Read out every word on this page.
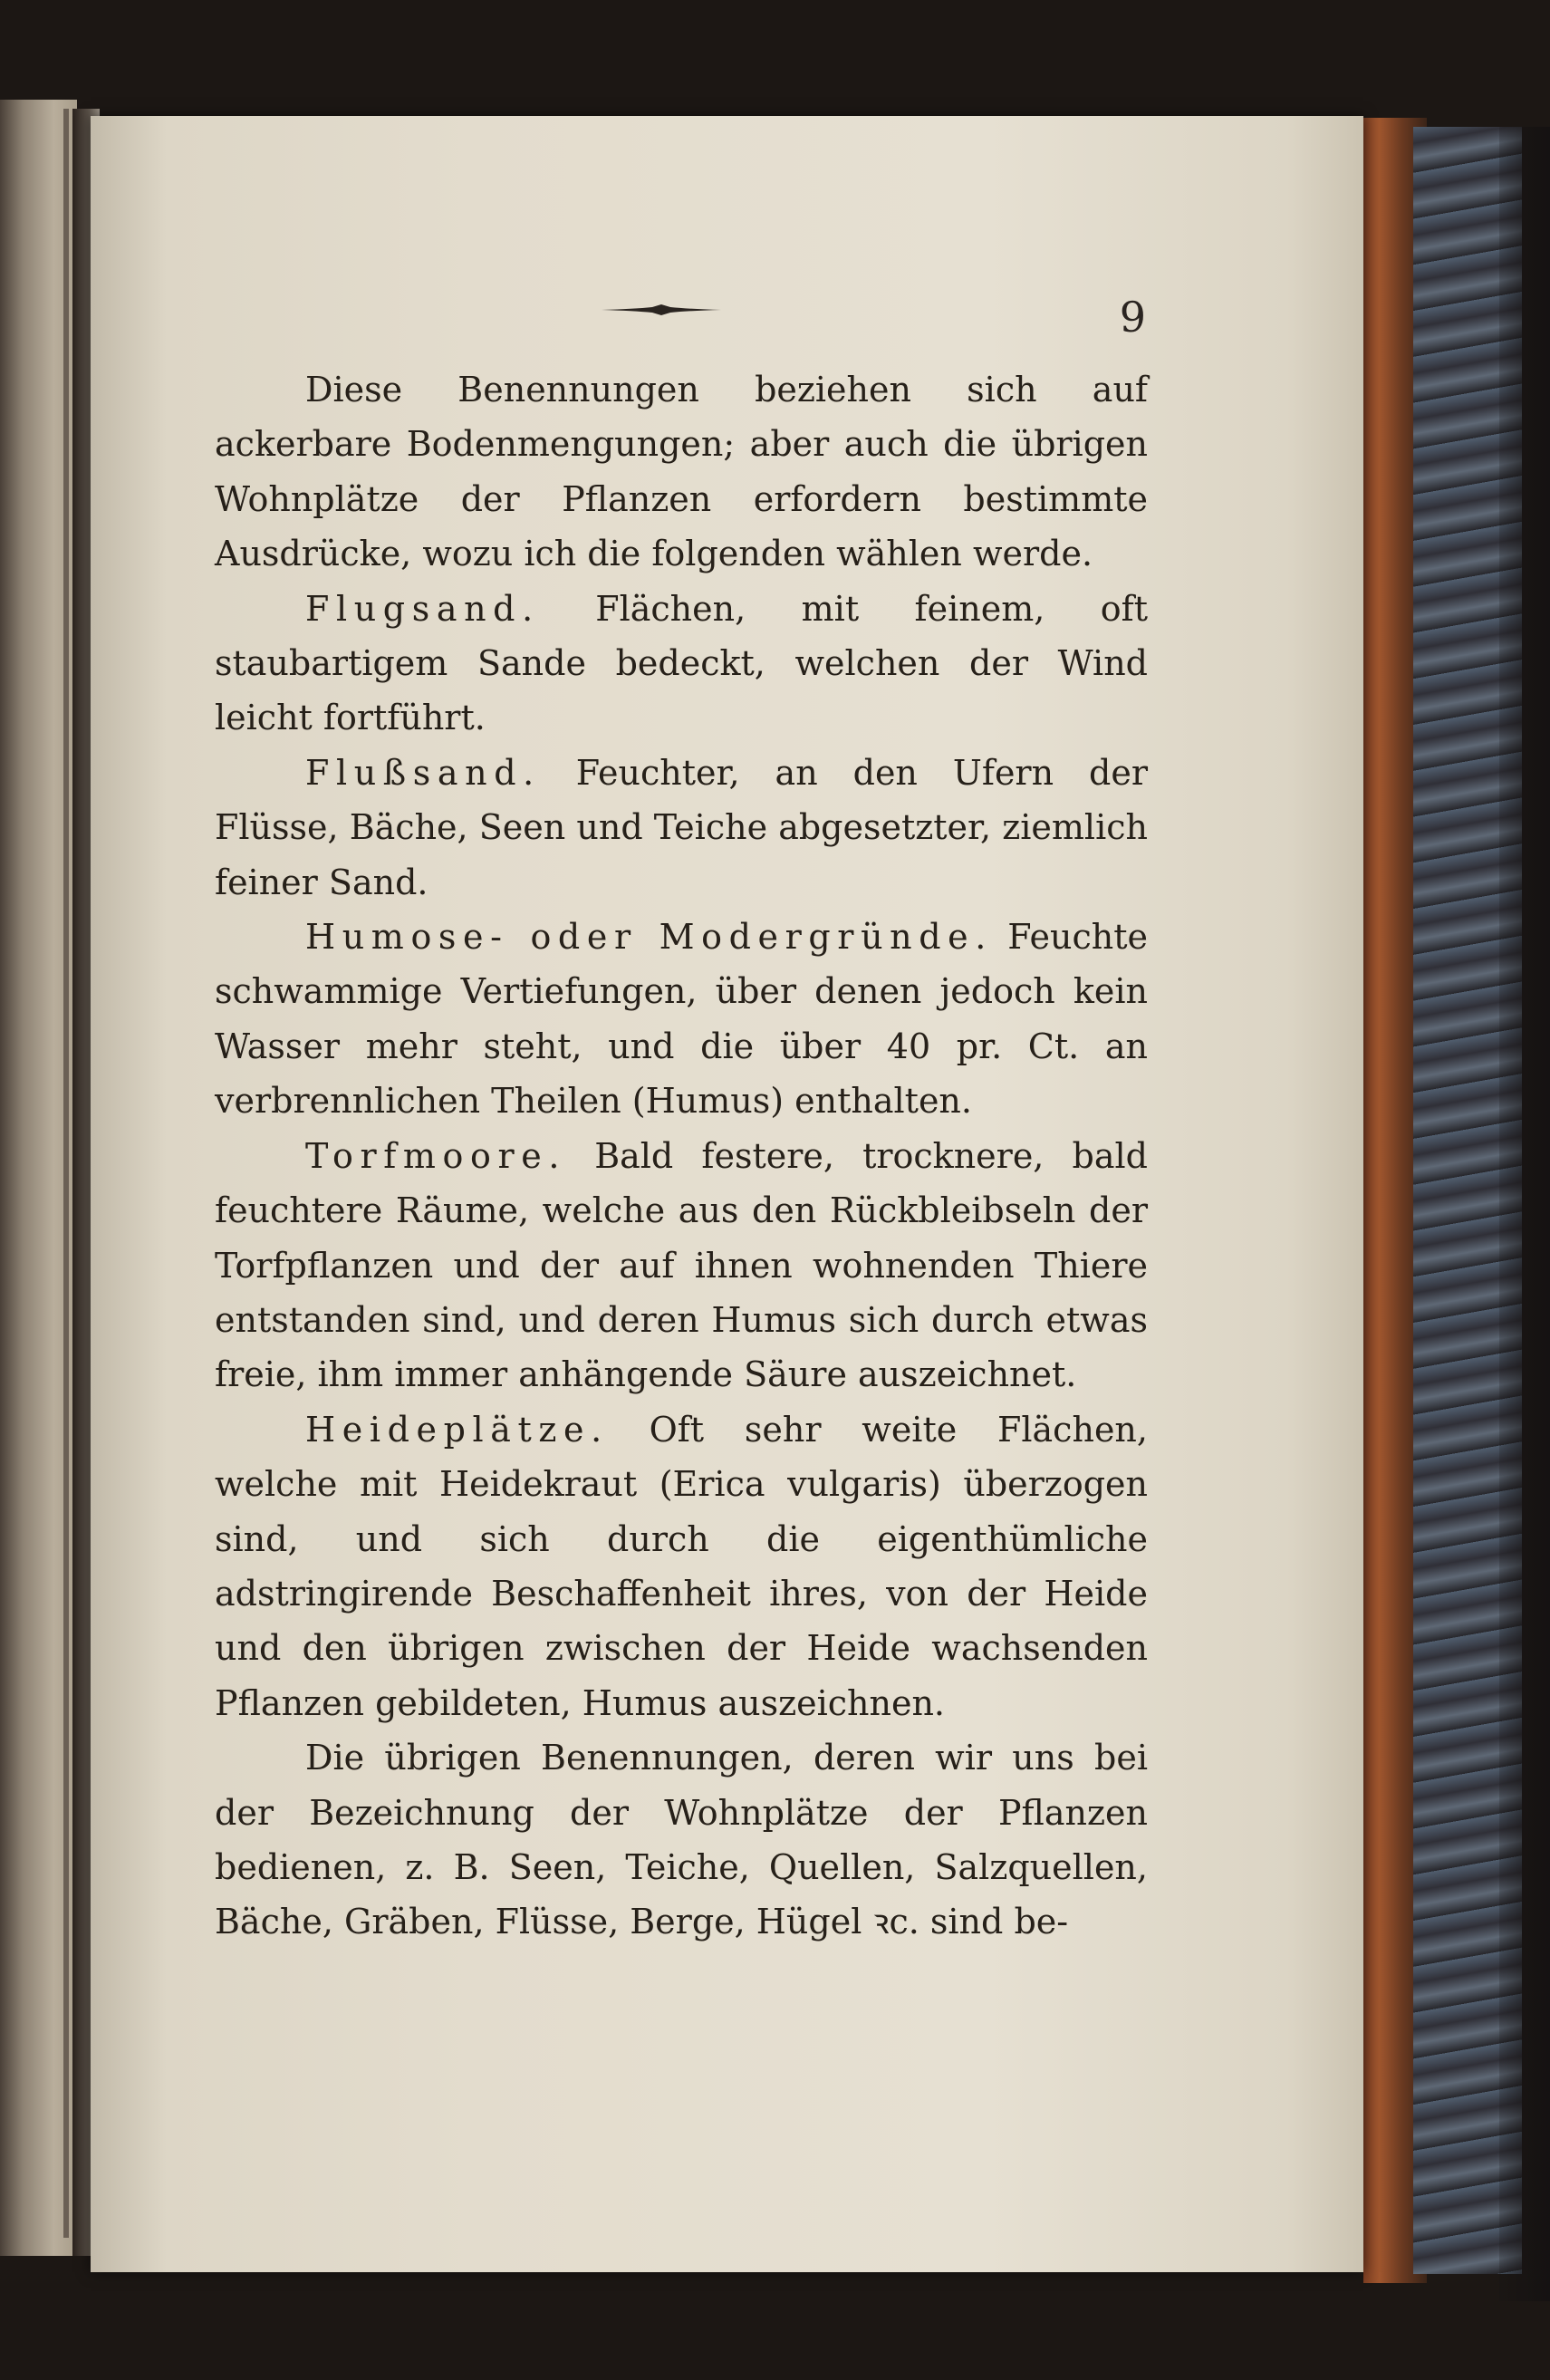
9

Diese Benennungen beziehen sich auf ackerbare Bodenmengungen; aber auch die übrigen Wohnplätze der Pflanzen erfordern bestimmte Ausdrücke, wozu ich die folgenden wählen werde.

Flugsand. Flächen, mit feinem, oft staubartigem Sande bedeckt, welchen der Wind leicht fortführt.

Flußsand. Feuchter, an den Ufern der Flüsse, Bäche, Seen und Teiche abgesetzter, ziemlich feiner Sand.

Humose- oder Modergründe. Feuchte schwammige Vertiefungen, über denen jedoch kein Wasser mehr steht, und die über 40 pr. Ct. an verbrennlichen Theilen (Humus) enthalten.

Torfmoore. Bald festere, trocknere, bald feuchtere Räume, welche aus den Rückbleibseln der Torfpflanzen und der auf ihnen wohnenden Thiere entstanden sind, und deren Humus sich durch etwas freie, ihm immer anhängende Säure auszeichnet.

Heideplätze. Oft sehr weite Flächen, welche mit Heidekraut (Erica vulgaris) überzogen sind, und sich durch die eigenthümliche adstringirende Beschaffenheit ihres, von der Heide und den übrigen zwischen der Heide wachsenden Pflanzen gebildeten, Humus auszeichnen.

Die übrigen Benennungen, deren wir uns bei der Bezeichnung der Wohnplätze der Pflanzen bedienen, z. B. Seen, Teiche, Quellen, Salzquellen, Bäche, Gräben, Flüsse, Berge, Hügel ꝛc. sind be-
